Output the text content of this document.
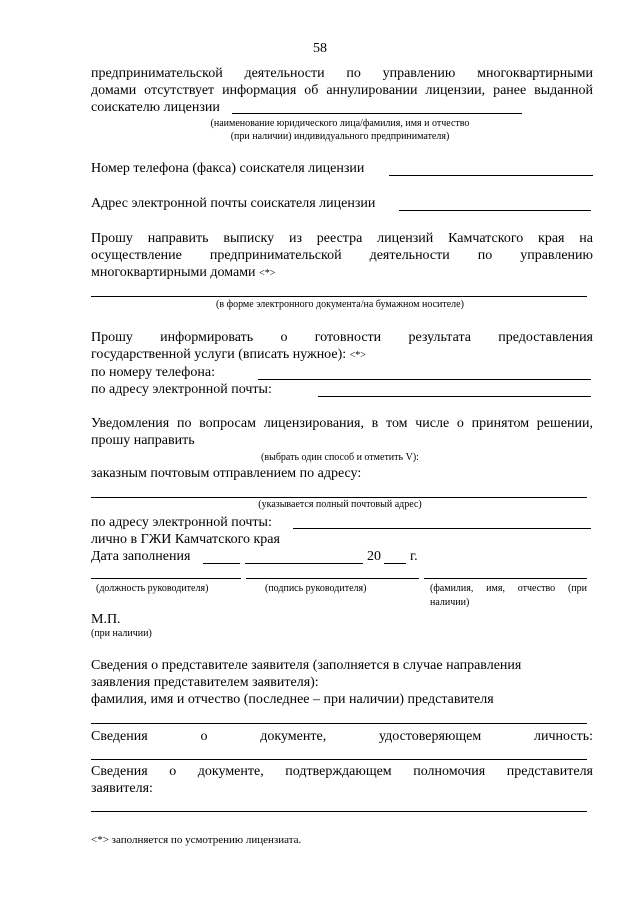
58
предпринимательской деятельности по управлению многоквартирными
домами отсутствует информация об аннулировании лицензии, ранее выданной
соискателю лицензии
(наименование юридического лица/фамилия, имя и отчество
(при наличии) индивидуального предпринимателя)
Номер телефона (факса) соискателя лицензии
Адрес электронной почты соискателя лицензии
Прошу направить выписку из реестра лицензий Камчатского края на
осуществление предпринимательской деятельности по управлению
многоквартирными домами <*>
(в форме электронного документа/на бумажном носителе)
Прошу информировать о готовности результата предоставления
государственной услуги (вписать нужное): <*>
по номеру телефона:
по адресу электронной почты:
Уведомления по вопросам лицензирования, в том числе о принятом решении,
прошу направить
(выбрать один способ и отметить V):
заказным почтовым отправлением по адресу:
(указывается полный почтовый адрес)
по адресу электронной почты:
лично в ГЖИ Камчатского края
Дата заполнения	20 г.
(должность руководителя)	(подпись руководителя)	(фамилия, имя, отчество (при
наличии)
М.П.
(при наличии)
Сведения о представителе заявителя (заполняется в случае направления
заявления представителем заявителя):
фамилия, имя и отчество (последнее – при наличии) представителя
Сведения о документе, удостоверяющем личность:
Сведения о документе, подтверждающем полномочия представителя
заявителя:
<*> заполняется по усмотрению лицензиата.
